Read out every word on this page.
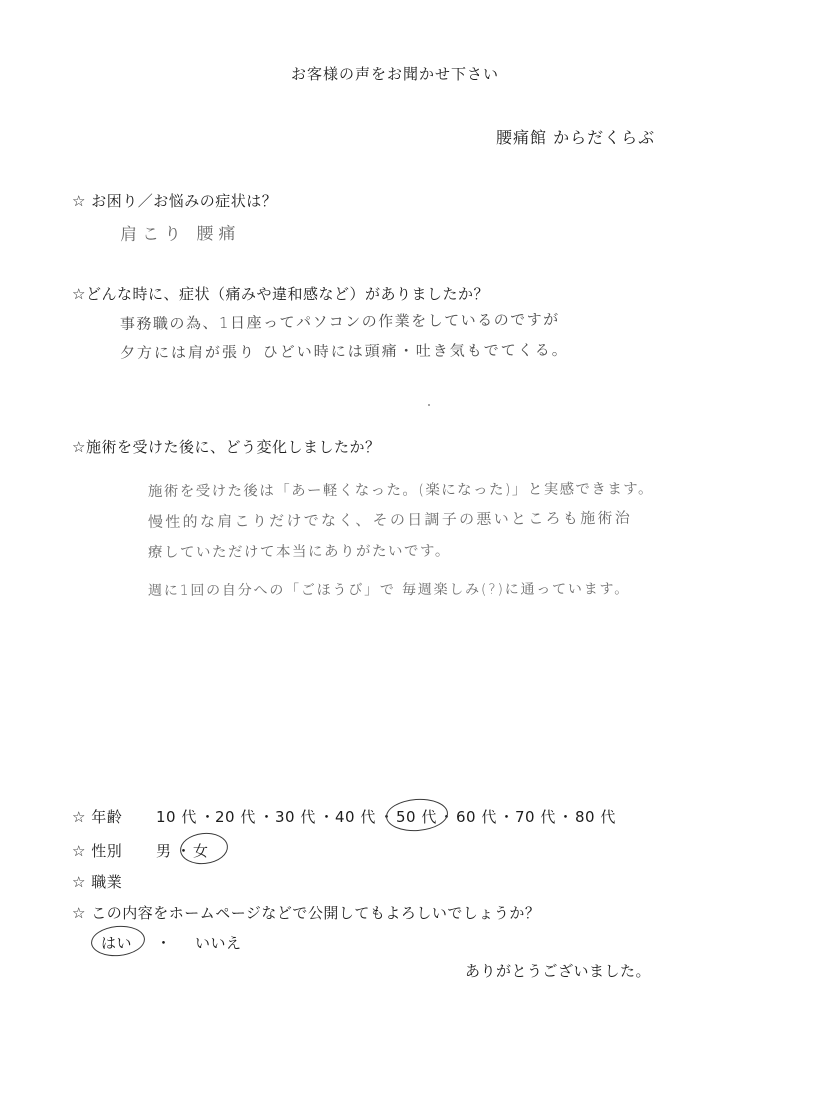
お客様の声をお聞かせ下さい
腰痛館 からだくらぶ
☆ お困り／お悩みの症状は？
肩こり 腰痛
☆どんな時に、症状（痛みや違和感など）がありましたか？
事務職の為、1日座ってパソコンの作業をしているのですが
夕方には肩が張り ひどい時には頭痛・吐き気もでてくる。
☆施術を受けた後に、どう変化しましたか？
施術を受けた後は「あー軽くなった。(楽になった)」と実感できます。
慢性的な肩こりだけでなく、その日調子の悪いところも施術治
療していただけて本当にありがたいです。
週に1回の自分への「ごほうび」で 毎週楽しみ(?)に通っています。
☆ 年齢 10 代 ・ 20 代 ・ 30 代 ・ 40 代 ・ 50 代 ・ 60 代 ・ 70 代 ・ 80 代
☆ 性別 男 ・ 女
☆ 職業
☆ この内容をホームページなどで公開してもよろしいでしょうか？
はい ・ いいえ
ありがとうございました。
